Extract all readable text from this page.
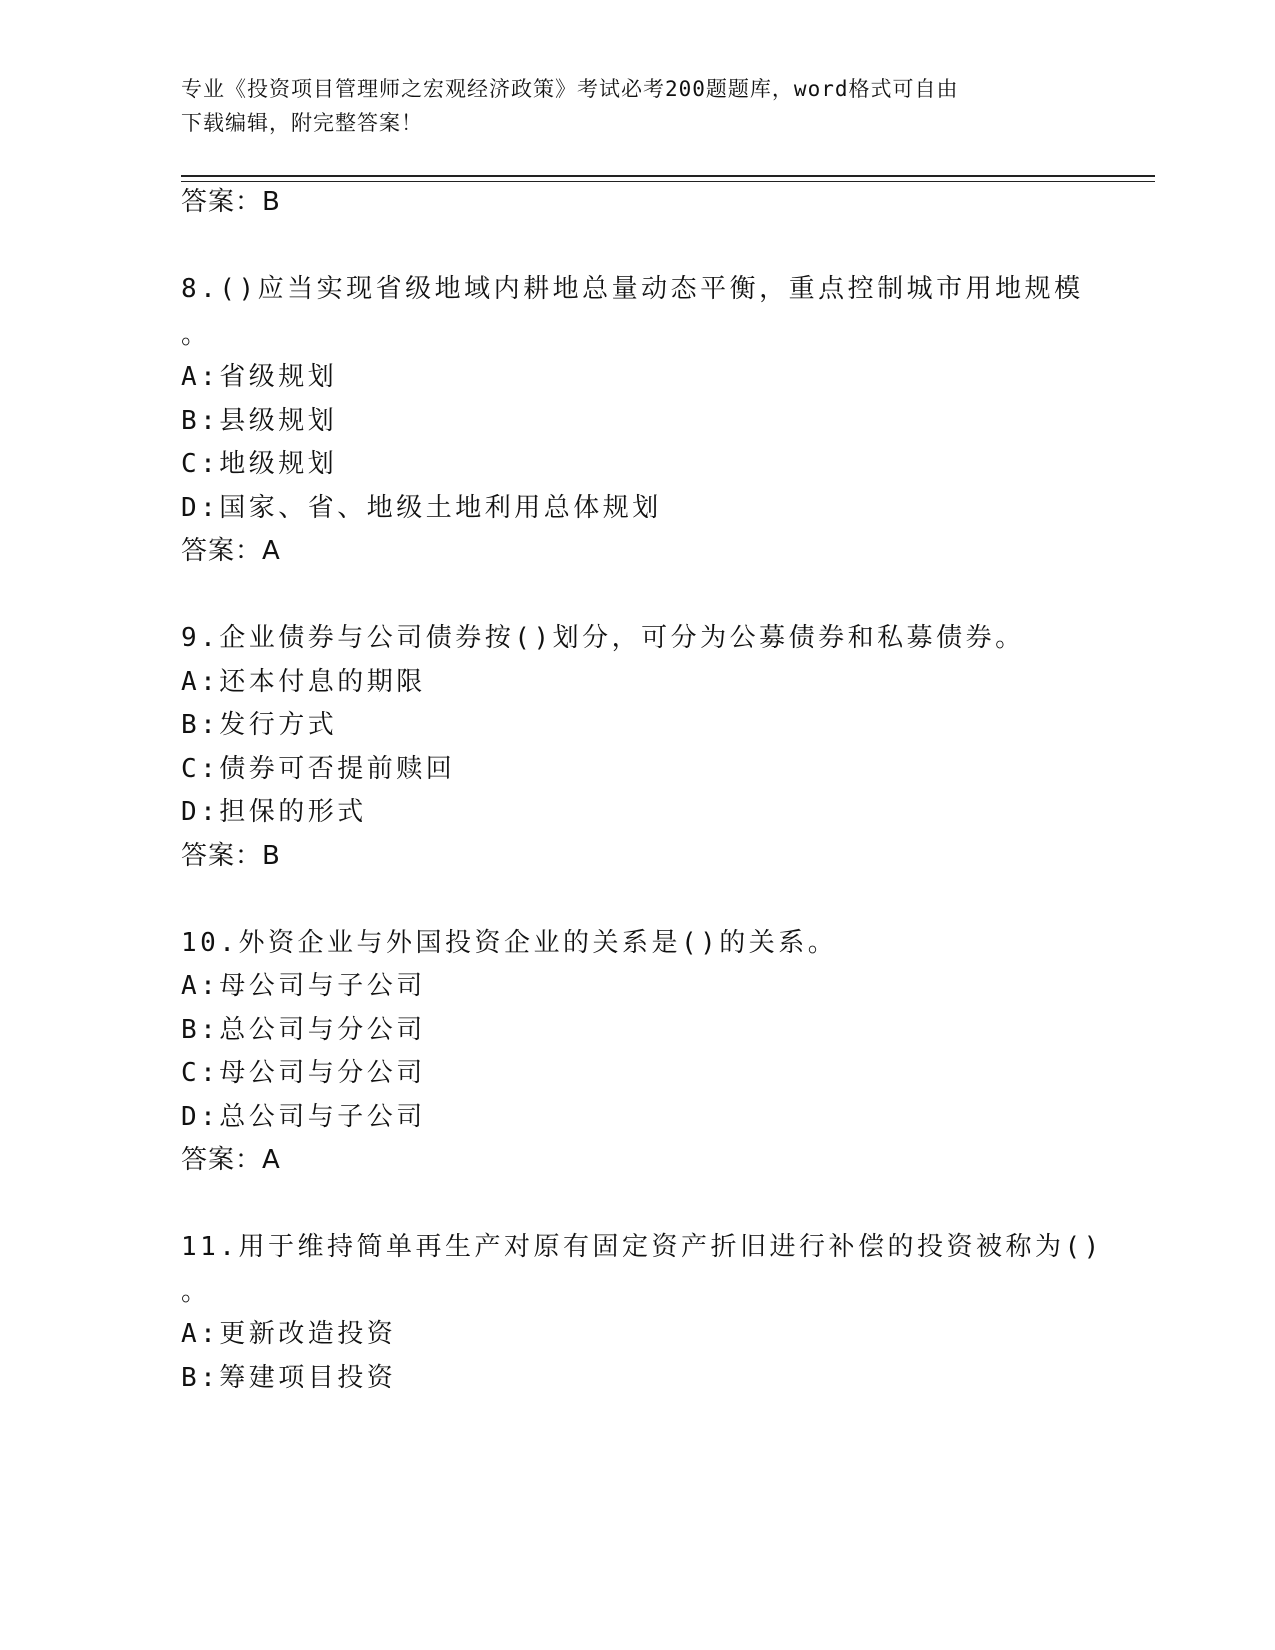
专业《投资项目管理师之宏观经济政策》考试必考200题题库，word格式可自由
下载编辑，附完整答案！
答案：B
8.()应当实现省级地域内耕地总量动态平衡，重点控制城市用地规模
。
A:省级规划
B:县级规划
C:地级规划
D:国家、省、地级土地利用总体规划
答案：A
9.企业债券与公司债券按()划分，可分为公募债券和私募债券。
A:还本付息的期限
B:发行方式
C:债券可否提前赎回
D:担保的形式
答案：B
10.外资企业与外国投资企业的关系是()的关系。
A:母公司与子公司
B:总公司与分公司
C:母公司与分公司
D:总公司与子公司
答案：A
11.用于维持简单再生产对原有固定资产折旧进行补偿的投资被称为()
。
A:更新改造投资
B:筹建项目投资
